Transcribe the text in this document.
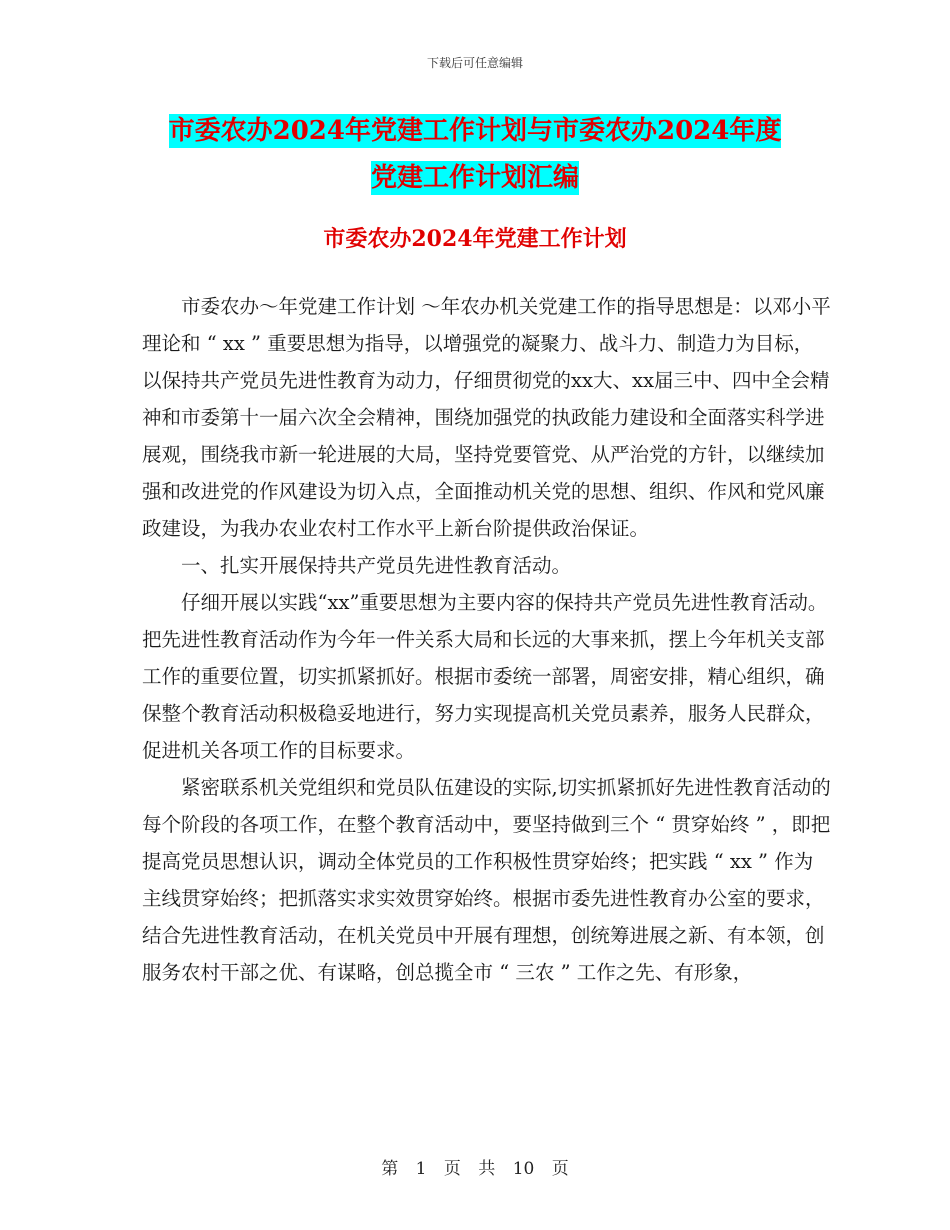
下载后可任意编辑
市委农办2024年党建工作计划与市委农办2024年度
党建工作计划汇编
市委农办2024年党建工作计划

市委农办～年党建工作计划 ～年农办机关党建工作的指导思想是：以邓小平理论和 “ xx ” 重要思想为指导，以增强党的凝聚力、战斗力、制造力为目标，以保持共产党员先进性教育为动力，仔细贯彻党的xx大、xx届三中、四中全会精神和市委第十一届六次全会精神，围绕加强党的执政能力建设和全面落实科学进展观，围绕我市新一轮进展的大局，坚持党要管党、从严治党的方针，以继续加强和改进党的作风建设为切入点，全面推动机关党的思想、组织、作风和党风廉政建设，为我办农业农村工作水平上新台阶提供政治保证。

一、扎实开展保持共产党员先进性教育活动。

仔细开展以实践“xx”重要思想为主要内容的保持共产党员先进性教育活动。把先进性教育活动作为今年一件关系大局和长远的大事来抓，摆上今年机关支部工作的重要位置，切实抓紧抓好。根据市委统一部署，周密安排，精心组织，确保整个教育活动积极稳妥地进行，努力实现提高机关党员素养，服务人民群众，促进机关各项工作的目标要求。

紧密联系机关党组织和党员队伍建设的实际,切实抓紧抓好先进性教育活动的每个阶段的各项工作，在整个教育活动中，要坚持做到三个 “ 贯穿始终 ” ，即把提高党员思想认识，调动全体党员的工作积极性贯穿始终；把实践 “ xx ” 作为主线贯穿始终；把抓落实求实效贯穿始终。根据市委先进性教育办公室的要求，结合先进性教育活动，在机关党员中开展有理想，创统筹进展之新、有本领，创服务农村干部之优、有谋略，创总揽全市 “ 三农 ” 工作之先、有形象，

第 1 页 共 10 页
